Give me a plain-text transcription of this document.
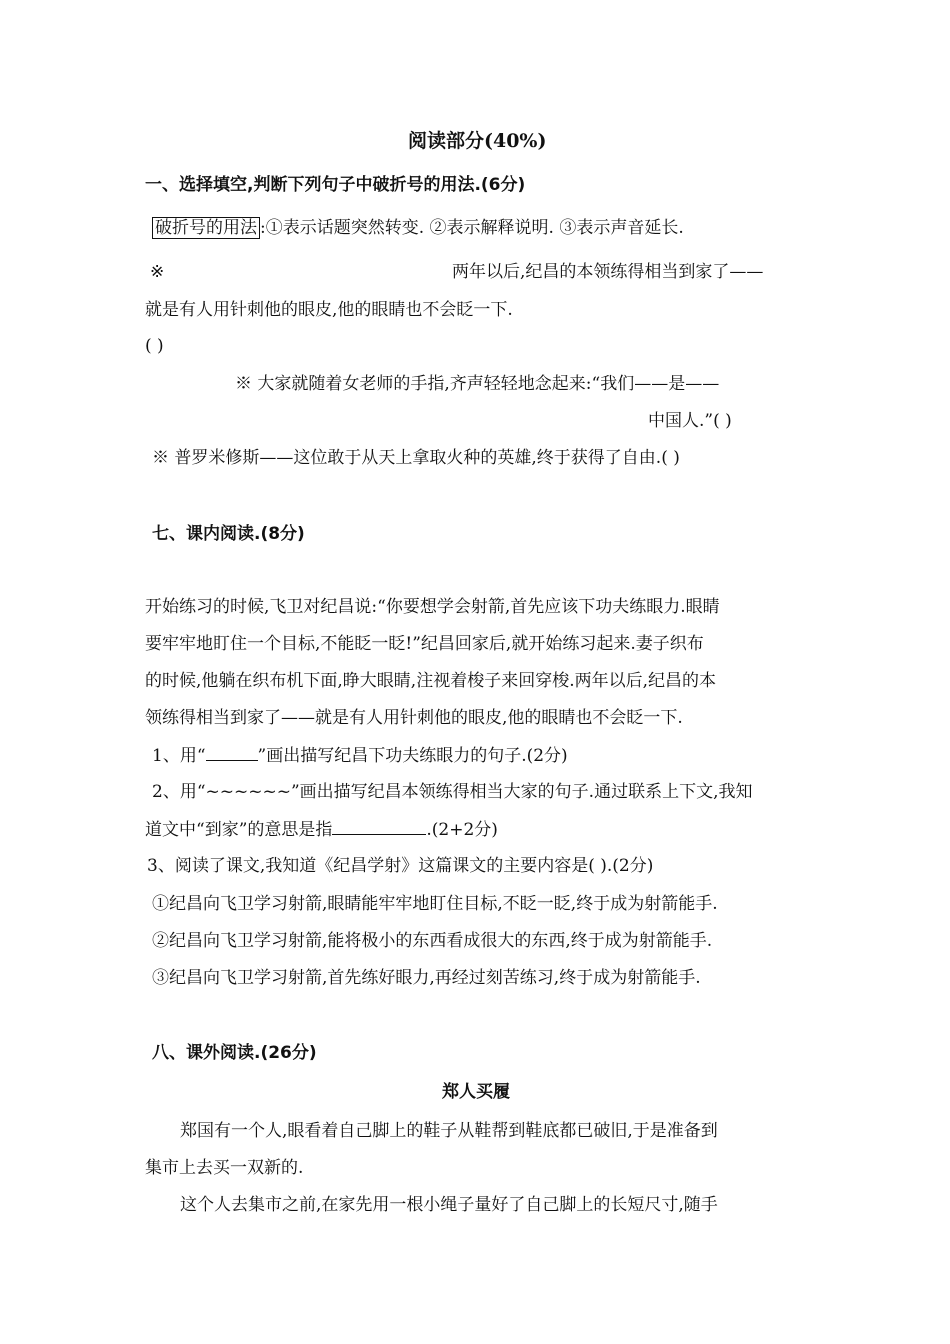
阅读部分(40%)
一、选择填空,判断下列句子中破折号的用法.(6分)
破折号的用法 :①表示话题突然转变. ②表示解释说明. ③表示声音延长.
※	两年以后,纪昌的本领练得相当到家了——
就是有人用针刺他的眼皮,他的眼睛也不会眨一下.
( )
※ 大家就随着女老师的手指,齐声轻轻地念起来:“我们——是——
中国人.”( )
※ 普罗米修斯——这位敢于从天上拿取火种的英雄,终于获得了自由.( )
七、课内阅读.(8分)
开始练习的时候,飞卫对纪昌说:“你要想学会射箭,首先应该下功夫练眼力.眼睛
要牢牢地盯住一个目标,不能眨一眨!”纪昌回家后,就开始练习起来.妻子织布
的时候,他躺在织布机下面,睁大眼睛,注视着梭子来回穿梭.两年以后,纪昌的本
领练得相当到家了——就是有人用针刺他的眼皮,他的眼睛也不会眨一下.
1、用“	”画出描写纪昌下功夫练眼力的句子.(2分)
2、用“~~~~~~”画出描写纪昌本领练得相当大家的句子.通过联系上下文,我知
道文中“到家”的意思是指	.(2+2分)
3、阅读了课文,我知道《纪昌学射》这篇课文的主要内容是( ).(2分)
①纪昌向飞卫学习射箭,眼睛能牢牢地盯住目标,不眨一眨,终于成为射箭能手.
②纪昌向飞卫学习射箭,能将极小的东西看成很大的东西,终于成为射箭能手.
③纪昌向飞卫学习射箭,首先练好眼力,再经过刻苦练习,终于成为射箭能手.
八、课外阅读.(26分)
郑人买履
郑国有一个人,眼看着自己脚上的鞋子从鞋帮到鞋底都已破旧,于是准备到
集市上去买一双新的.
这个人去集市之前,在家先用一根小绳子量好了自己脚上的长短尺寸,随手
